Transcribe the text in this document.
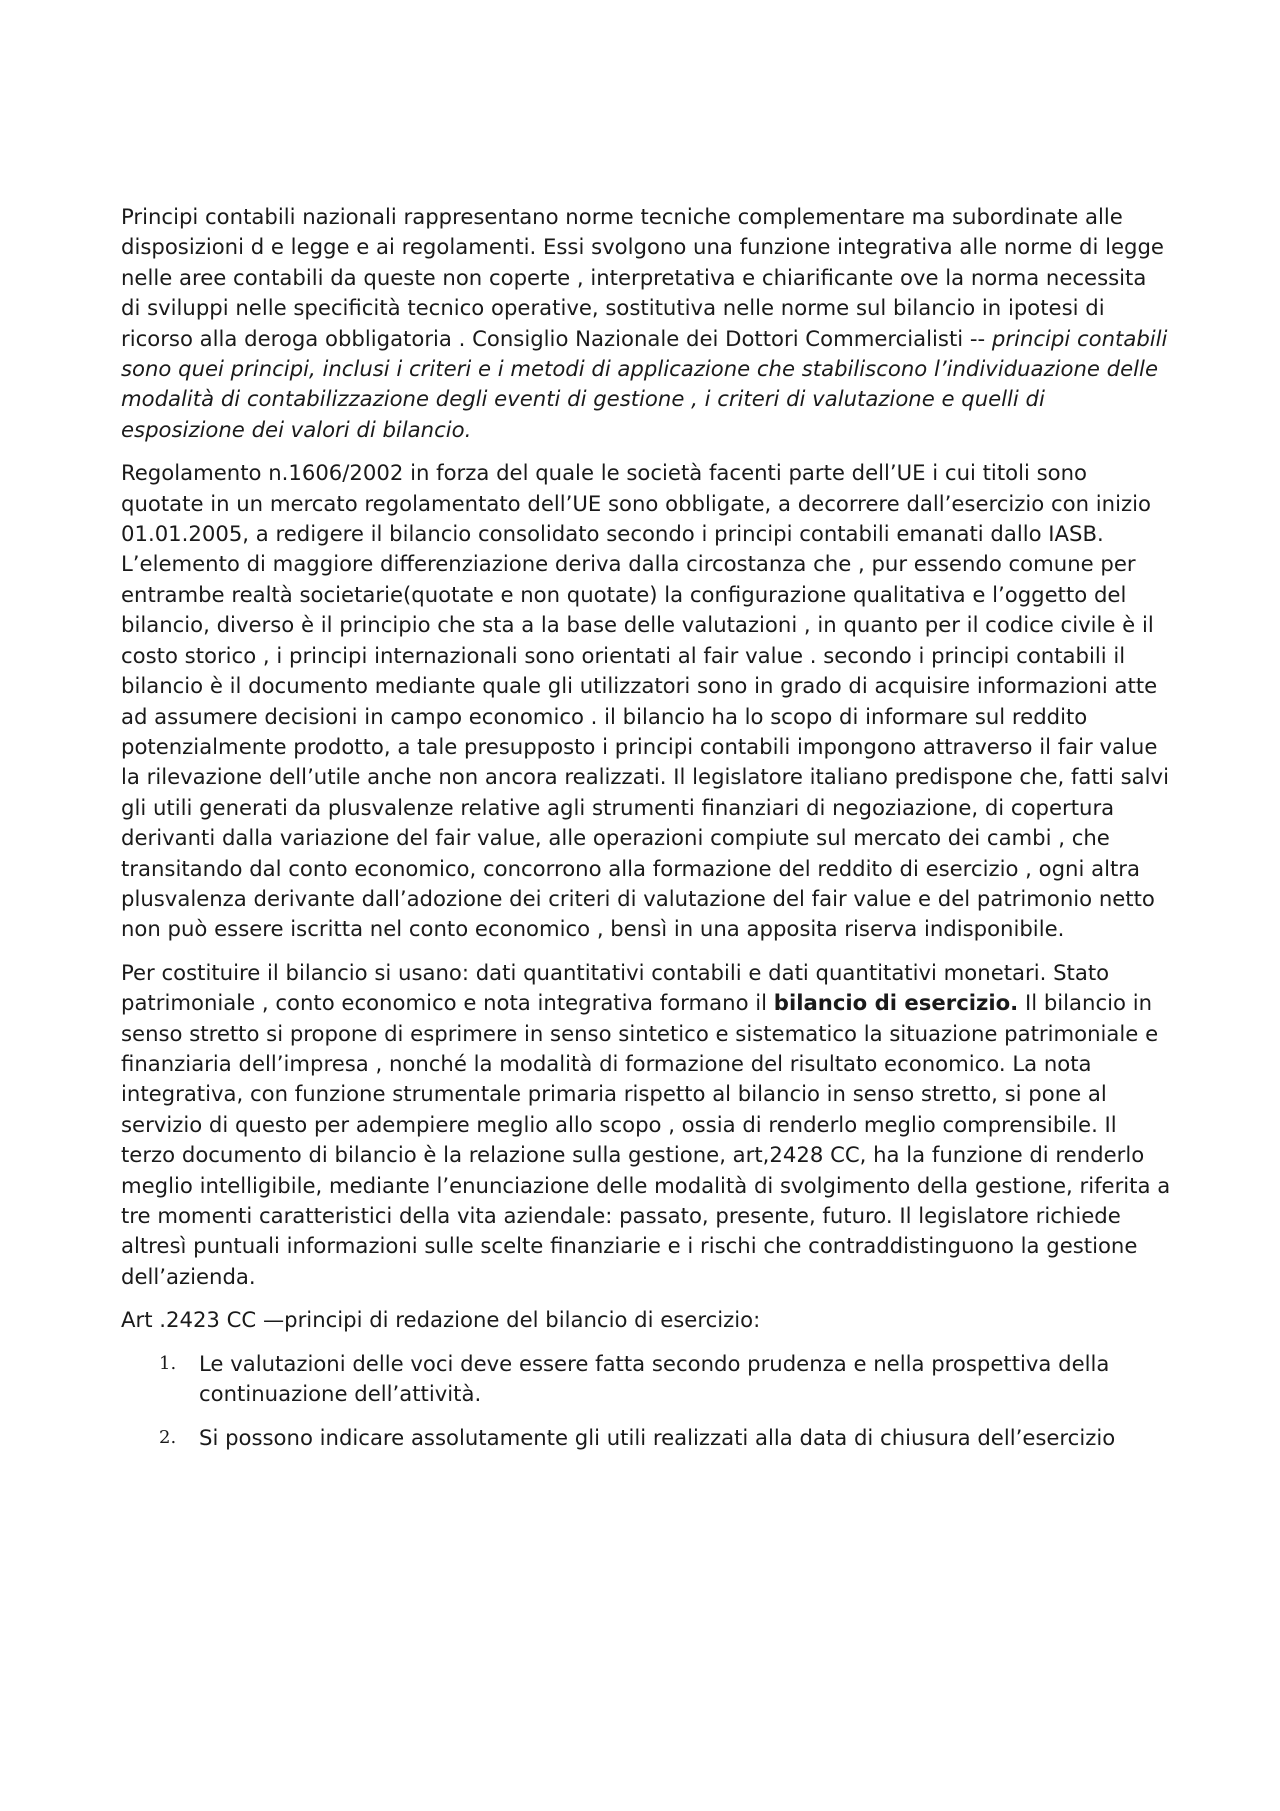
Principi contabili nazionali rappresentano norme tecniche complementare ma subordinate alle disposizioni d e legge e ai regolamenti. Essi svolgono una funzione integrativa alle norme di legge nelle aree contabili da queste non coperte , interpretativa e chiarificante ove la norma necessita di sviluppi nelle specificità tecnico operative, sostitutiva nelle norme sul bilancio in ipotesi di ricorso alla deroga obbligatoria . Consiglio Nazionale dei Dottori Commercialisti -- principi contabili sono quei principi, inclusi i criteri e i metodi di applicazione che stabiliscono l’individuazione delle modalità di contabilizzazione degli eventi di gestione , i criteri di valutazione e quelli di esposizione dei valori di bilancio.

Regolamento n.1606/2002 in forza del quale le società facenti parte dell’UE i cui titoli sono quotate in un mercato regolamentato dell’UE sono obbligate, a decorrere dall’esercizio con inizio 01.01.2005, a redigere il bilancio consolidato secondo i principi contabili emanati dallo IASB. L’elemento di maggiore differenziazione deriva dalla circostanza che , pur essendo comune per entrambe realtà societarie(quotate e non quotate) la configurazione qualitativa e l’oggetto del bilancio, diverso è il principio che sta a la base delle valutazioni , in quanto per il codice civile è il costo storico , i principi internazionali sono orientati al fair value . secondo i principi contabili il bilancio è il documento mediante quale gli utilizzatori sono in grado di acquisire informazioni atte ad assumere decisioni in campo economico . il bilancio ha lo scopo di informare sul reddito potenzialmente prodotto, a tale presupposto i principi contabili impongono attraverso il fair value la rilevazione dell’utile anche non ancora realizzati. Il legislatore italiano predispone che, fatti salvi gli utili generati da plusvalenze relative agli strumenti finanziari di negoziazione, di copertura derivanti dalla variazione del fair value, alle operazioni compiute sul mercato dei cambi , che transitando dal conto economico, concorrono alla formazione del reddito di esercizio , ogni altra plusvalenza derivante dall’adozione dei criteri di valutazione del fair value e del patrimonio netto non può essere iscritta nel conto economico , bensì in una apposita riserva indisponibile.

Per costituire il bilancio si usano: dati quantitativi contabili e dati quantitativi monetari. Stato patrimoniale , conto economico e nota integrativa formano il bilancio di esercizio. Il bilancio in senso stretto si propone di esprimere in senso sintetico e sistematico la situazione patrimoniale e finanziaria dell’impresa , nonché la modalità di formazione del risultato economico. La nota integrativa, con funzione strumentale primaria rispetto al bilancio in senso stretto, si pone al servizio di questo per adempiere meglio allo scopo , ossia di renderlo meglio comprensibile. Il terzo documento di bilancio è la relazione sulla gestione, art,2428 CC, ha la funzione di renderlo meglio intelligibile, mediante l’enunciazione delle modalità di svolgimento della gestione, riferita a tre momenti caratteristici della vita aziendale: passato, presente, futuro. Il legislatore richiede altresì puntuali informazioni sulle scelte finanziarie e i rischi che contraddistinguono la gestione dell’azienda.

Art .2423 CC —principi di redazione del bilancio di esercizio:

1. Le valutazioni delle voci deve essere fatta secondo prudenza e nella prospettiva della continuazione dell’attività.
2. Si possono indicare assolutamente gli utili realizzati alla data di chiusura dell’esercizio
